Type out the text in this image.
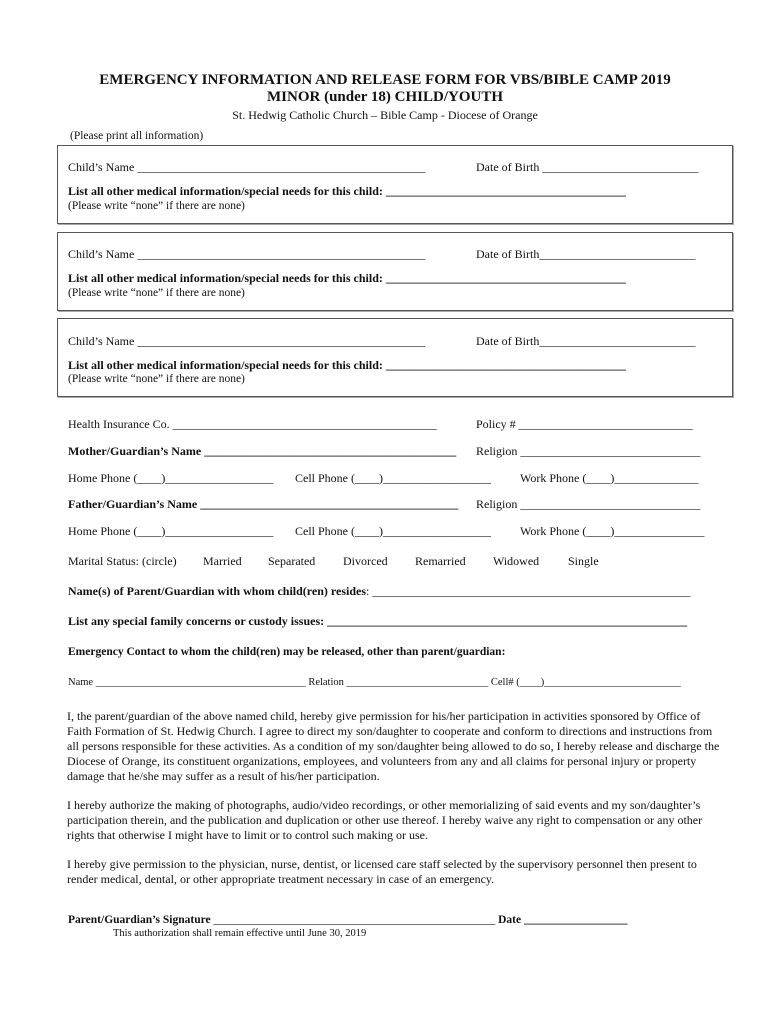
EMERGENCY INFORMATION AND RELEASE FORM FOR VBS/BIBLE CAMP 2019
MINOR (under 18) CHILD/YOUTH
St. Hedwig Catholic Church – Bible Camp - Diocese of Orange
(Please print all information)
Child’s Name ________________________________________________	Date of Birth __________________________
List all other medical information/special needs for this child: ________________________________________
(Please write “none” if there are none)
Child’s Name ________________________________________________	Date of Birth__________________________
List all other medical information/special needs for this child: ________________________________________
(Please write “none” if there are none)
Child’s Name ________________________________________________	Date of Birth__________________________
List all other medical information/special needs for this child: ________________________________________
(Please write “none” if there are none)
Health Insurance Co. ____________________________________________	Policy # _____________________________
Mother/Guardian’s Name __________________________________________ Religion ______________________________
Home Phone (____)__________________ Cell Phone (____)__________________ Work Phone (____)______________
Father/Guardian’s Name ___________________________________________ Religion ______________________________
Home Phone (____)__________________ Cell Phone (____)__________________ Work Phone (____)_______________
Marital Status: (circle) Married Separated Divorced Remarried Widowed Single
Name(s) of Parent/Guardian with whom child(ren) resides: _____________________________________________________
List any special family concerns or custody issues: ____________________________________________________________
Emergency Contact to whom the child(ren) may be released, other than parent/guardian:
Name ________________________________________ Relation ___________________________ Cell# (____)__________________________
I, the parent/guardian of the above named child, hereby give permission for his/her participation in activities sponsored by Office of Faith Formation of St. Hedwig Church. I agree to direct my son/daughter to cooperate and conform to directions and instructions from all persons responsible for these activities. As a condition of my son/daughter being allowed to do so, I hereby release and discharge the Diocese of Orange, its constituent organizations, employees, and volunteers from any and all claims for personal injury or property damage that he/she may suffer as a result of his/her participation.
I hereby authorize the making of photographs, audio/video recordings, or other memorializing of said events and my son/daughter’s participation therein, and the publication and duplication or other use thereof. I hereby waive any right to compensation or any other rights that otherwise I might have to limit or to control such making or use.
I hereby give permission to the physician, nurse, dentist, or licensed care staff selected by the supervisory personnel then present to render medical, dental, or other appropriate treatment necessary in case of an emergency.
Parent/Guardian’s Signature _________________________________________________ Date __________________
This authorization shall remain effective until June 30, 2019
